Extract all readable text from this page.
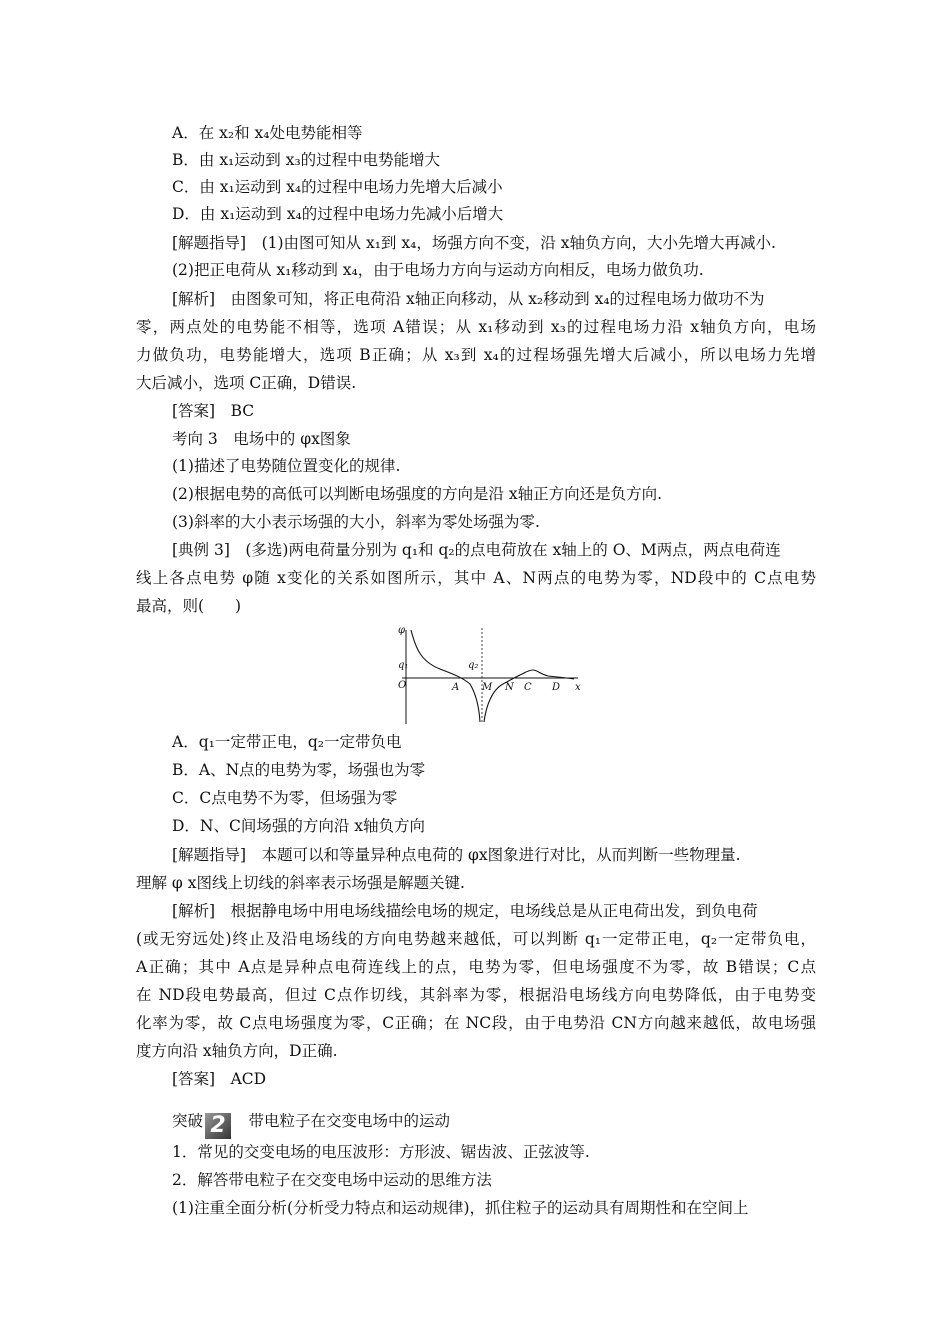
A．在 x₂和 x₄处电势能相等
B．由 x₁运动到 x₃的过程中电势能增大
C．由 x₁运动到 x₄的过程中电场力先增大后减小
D．由 x₁运动到 x₄的过程中电场力先减小后增大
[解题指导]　(1)由图可知从 x₁到 x₄，场强方向不变，沿 x轴负方向，大小先增大再减小.
(2)把正电荷从 x₁移动到 x₄，由于电场力方向与运动方向相反，电场力做负功.
[解析]　由图象可知，将正电荷沿 x轴正向移动，从 x₂移动到 x₄的过程电场力做功不为
零，两点处的电势能不相等，选项 A错误；从 x₁移动到 x₃的过程电场力沿 x轴负方向，电场
力做负功，电势能增大，选项 B正确；从 x₃到 x₄的过程场强先增大后减小，所以电场力先增
大后减小，选项 C正确，D错误.
[答案]　BC
考向 3　电场中的 φx图象
(1)描述了电势随位置变化的规律.
(2)根据电势的高低可以判断电场强度的方向是沿 x轴正方向还是负方向.
(3)斜率的大小表示场强的大小，斜率为零处场强为零.
[典例 3]　(多选)两电荷量分别为 q₁和 q₂的点电荷放在 x轴上的 O、M两点，两点电荷连
线上各点电势 φ随 x变化的关系如图所示，其中 A、N两点的电势为零，ND段中的 C点电势
最高，则(　　)
φ
q₁
O
q₂
A M N C D x
A．q₁一定带正电，q₂一定带负电
B．A、N点的电势为零，场强也为零
C．C点电势不为零，但场强为零
D．N、C间场强的方向沿 x轴负方向
[解题指导]　本题可以和等量异种点电荷的 φx图象进行对比，从而判断一些物理量.
理解 φ x图线上切线的斜率表示场强是解题关键.
[解析]　根据静电场中用电场线描绘电场的规定，电场线总是从正电荷出发，到负电荷
(或无穷远处)终止及沿电场线的方向电势越来越低，可以判断 q₁一定带正电，q₂一定带负电，
A正确；其中 A点是异种点电荷连线上的点，电势为零，但电场强度不为零，故 B错误；C点
在 ND段电势最高，但过 C点作切线，其斜率为零，根据沿电场线方向电势降低，由于电势变
化率为零，故 C点电场强度为零，C正确；在 NC段，由于电势沿 CN方向越来越低，故电场强
度方向沿 x轴负方向，D正确.
[答案]　ACD
突破 2　 带电粒子在交变电场中的运动
1．常见的交变电场的电压波形：方形波、锯齿波、正弦波等.
2．解答带电粒子在交变电场中运动的思维方法
(1)注重全面分析(分析受力特点和运动规律)，抓住粒子的运动具有周期性和在空间上
